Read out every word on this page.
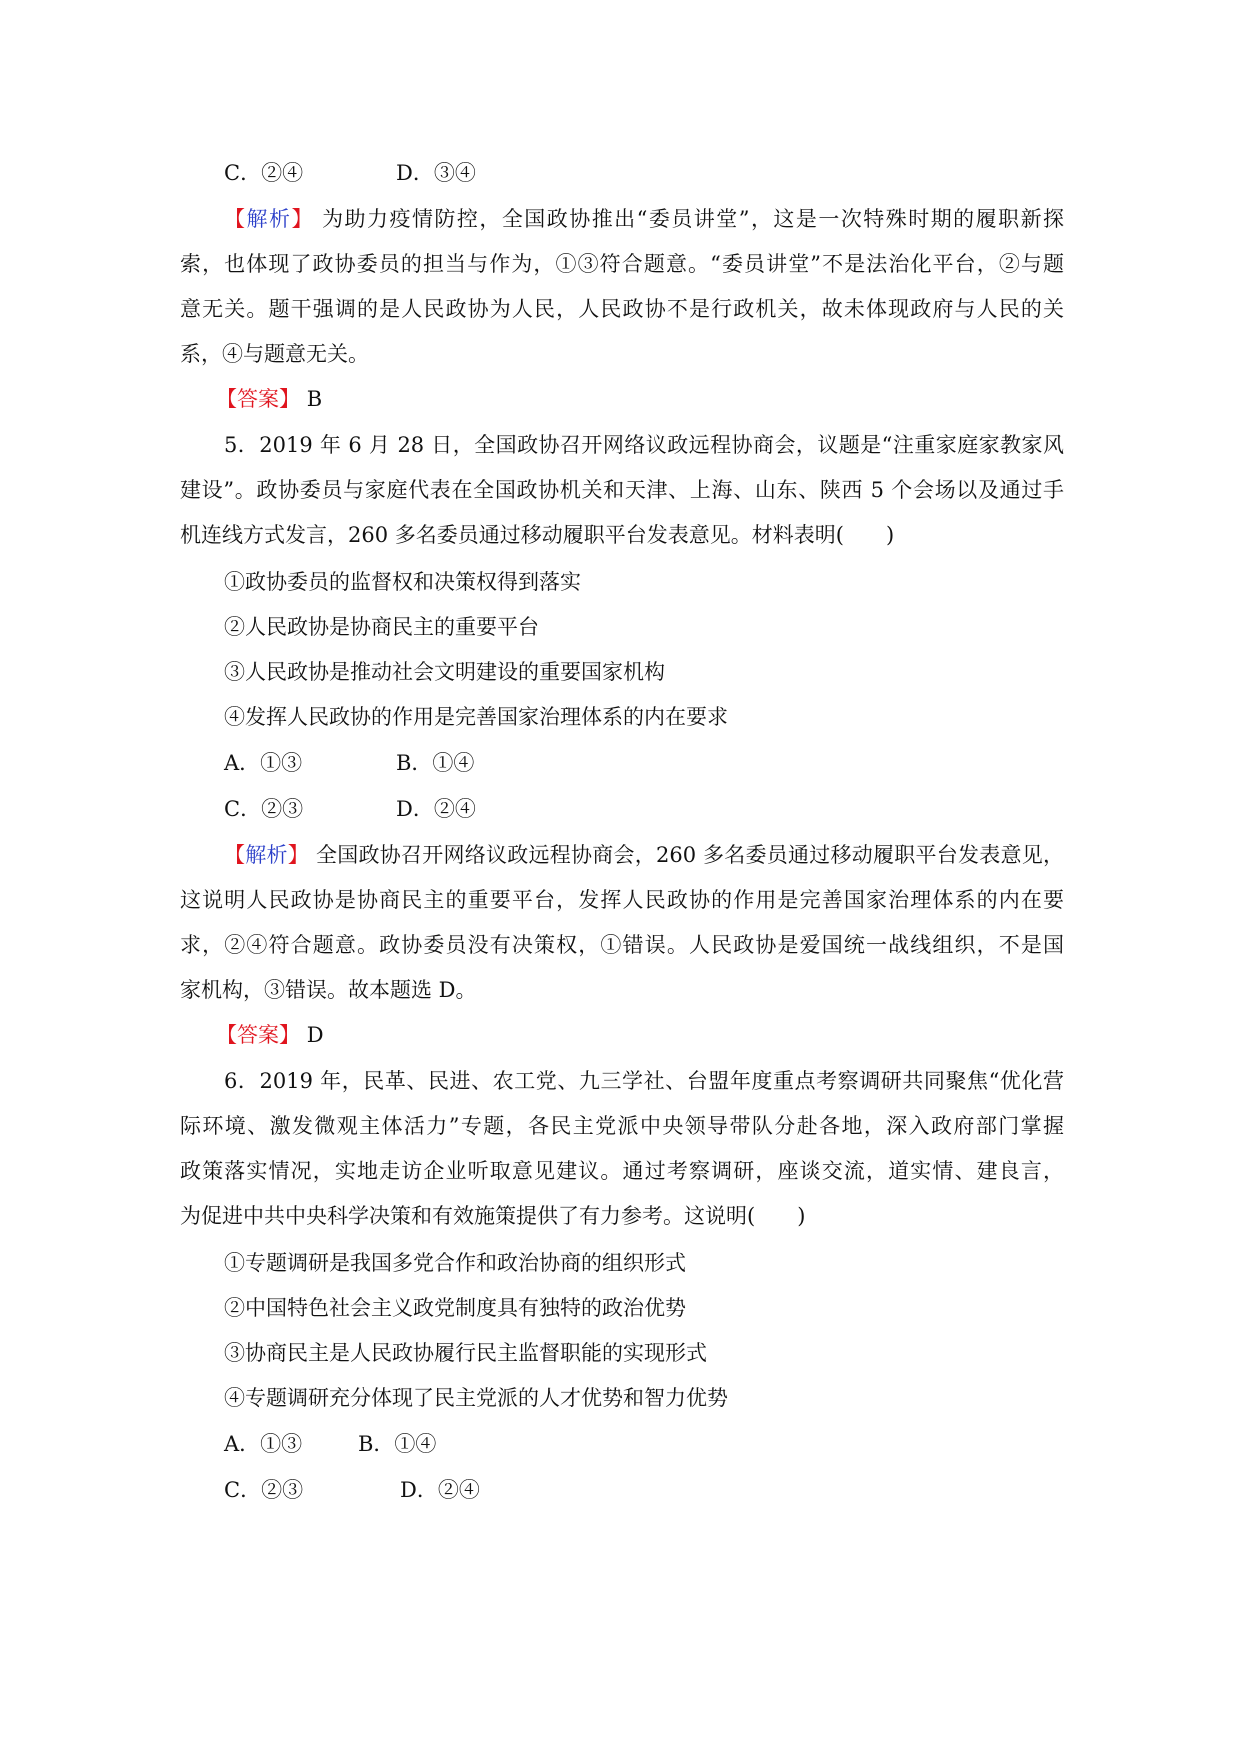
C．②④	D．③④
【解析】 为助力疫情防控，全国政协推出“委员讲堂”，这是一次特殊时期的履职新探
索，也体现了政协委员的担当与作为，①③符合题意。“委员讲堂”不是法治化平台，②与题
意无关。题干强调的是人民政协为人民，人民政协不是行政机关，故未体现政府与人民的关
系，④与题意无关。
【答案】 B
5．2019 年 6 月 28 日，全国政协召开网络议政远程协商会，议题是“注重家庭家教家风
建设”。政协委员与家庭代表在全国政协机关和天津、上海、山东、陕西 5 个会场以及通过手
机连线方式发言，260 多名委员通过移动履职平台发表意见。材料表明(　　)
①政协委员的监督权和决策权得到落实
②人民政协是协商民主的重要平台
③人民政协是推动社会文明建设的重要国家机构
④发挥人民政协的作用是完善国家治理体系的内在要求
A．①③	B．①④
C．②③	D．②④
【解析】 全国政协召开网络议政远程协商会，260 多名委员通过移动履职平台发表意见，
这说明人民政协是协商民主的重要平台，发挥人民政协的作用是完善国家治理体系的内在要
求，②④符合题意。政协委员没有决策权，①错误。人民政协是爱国统一战线组织，不是国
家机构，③错误。故本题选 D。
【答案】 D
6．2019 年，民革、民进、农工党、九三学社、台盟年度重点考察调研共同聚焦“优化营
际环境、激发微观主体活力”专题，各民主党派中央领导带队分赴各地，深入政府部门掌握
政策落实情况，实地走访企业听取意见建议。通过考察调研，座谈交流，道实情、建良言，
为促进中共中央科学决策和有效施策提供了有力参考。这说明(　　)
①专题调研是我国多党合作和政治协商的组织形式
②中国特色社会主义政党制度具有独特的政治优势
③协商民主是人民政协履行民主监督职能的实现形式
④专题调研充分体现了民主党派的人才优势和智力优势
A．①③	B．①④
C．②③	D．②④
